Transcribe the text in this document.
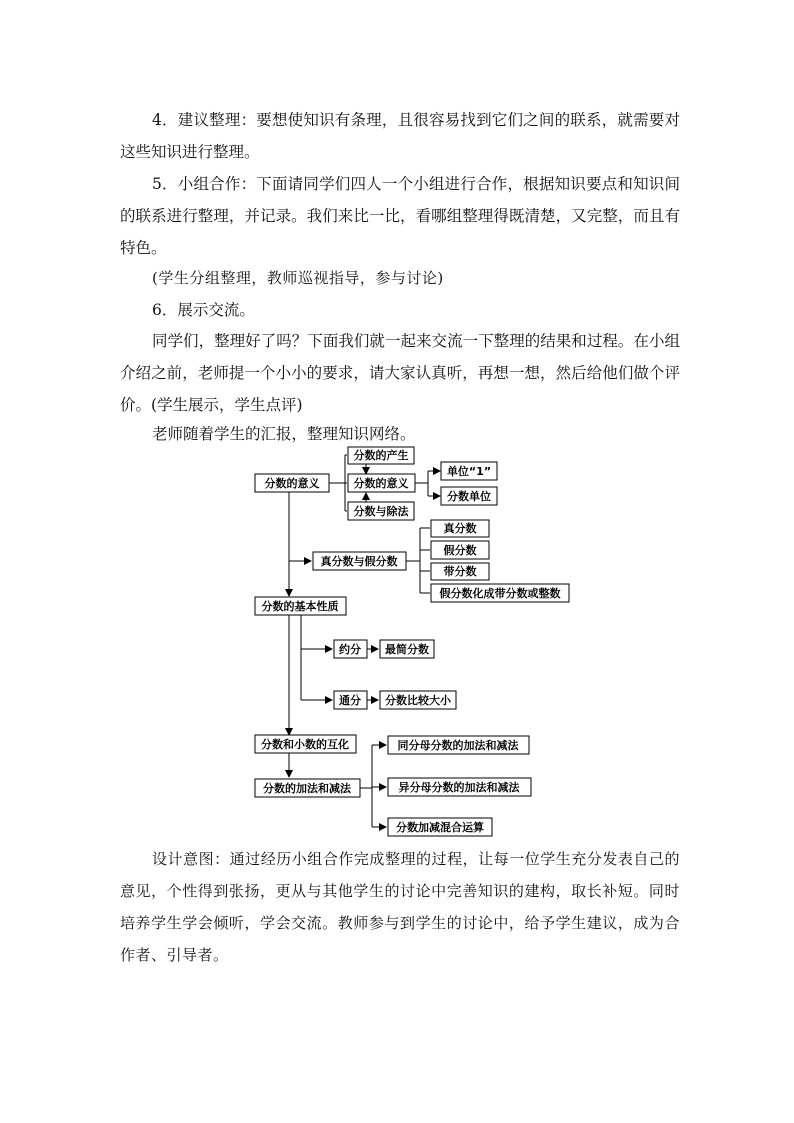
4．建议整理：要想使知识有条理，且很容易找到它们之间的联系，就需要对这些知识进行整理。

5．小组合作：下面请同学们四人一个小组进行合作，根据知识要点和知识间的联系进行整理，并记录。我们来比一比，看哪组整理得既清楚，又完整，而且有特色。

(学生分组整理，教师巡视指导，参与讨论)

6．展示交流。

同学们，整理好了吗？下面我们就一起来交流一下整理的结果和过程。在小组介绍之前，老师提一个小小的要求，请大家认真听，再想一想，然后给他们做个评价。(学生展示，学生点评)

老师随着学生的汇报，整理知识网络。

分数的意义
分数的产生
分数的意义
分数与除法
单位“1”
分数单位
真分数与假分数
真分数
假分数
带分数
假分数化成带分数或整数
分数的基本性质
约分 最简分数
通分 分数比较大小
分数和小数的互化
分数的加法和减法
同分母分数的加法和减法
异分母分数的加法和减法
分数加减混合运算

设计意图：通过经历小组合作完成整理的过程，让每一位学生充分发表自己的意见，个性得到张扬，更从与其他学生的讨论中完善知识的建构，取长补短。同时培养学生学会倾听，学会交流。教师参与到学生的讨论中，给予学生建议，成为合作者、引导者。
